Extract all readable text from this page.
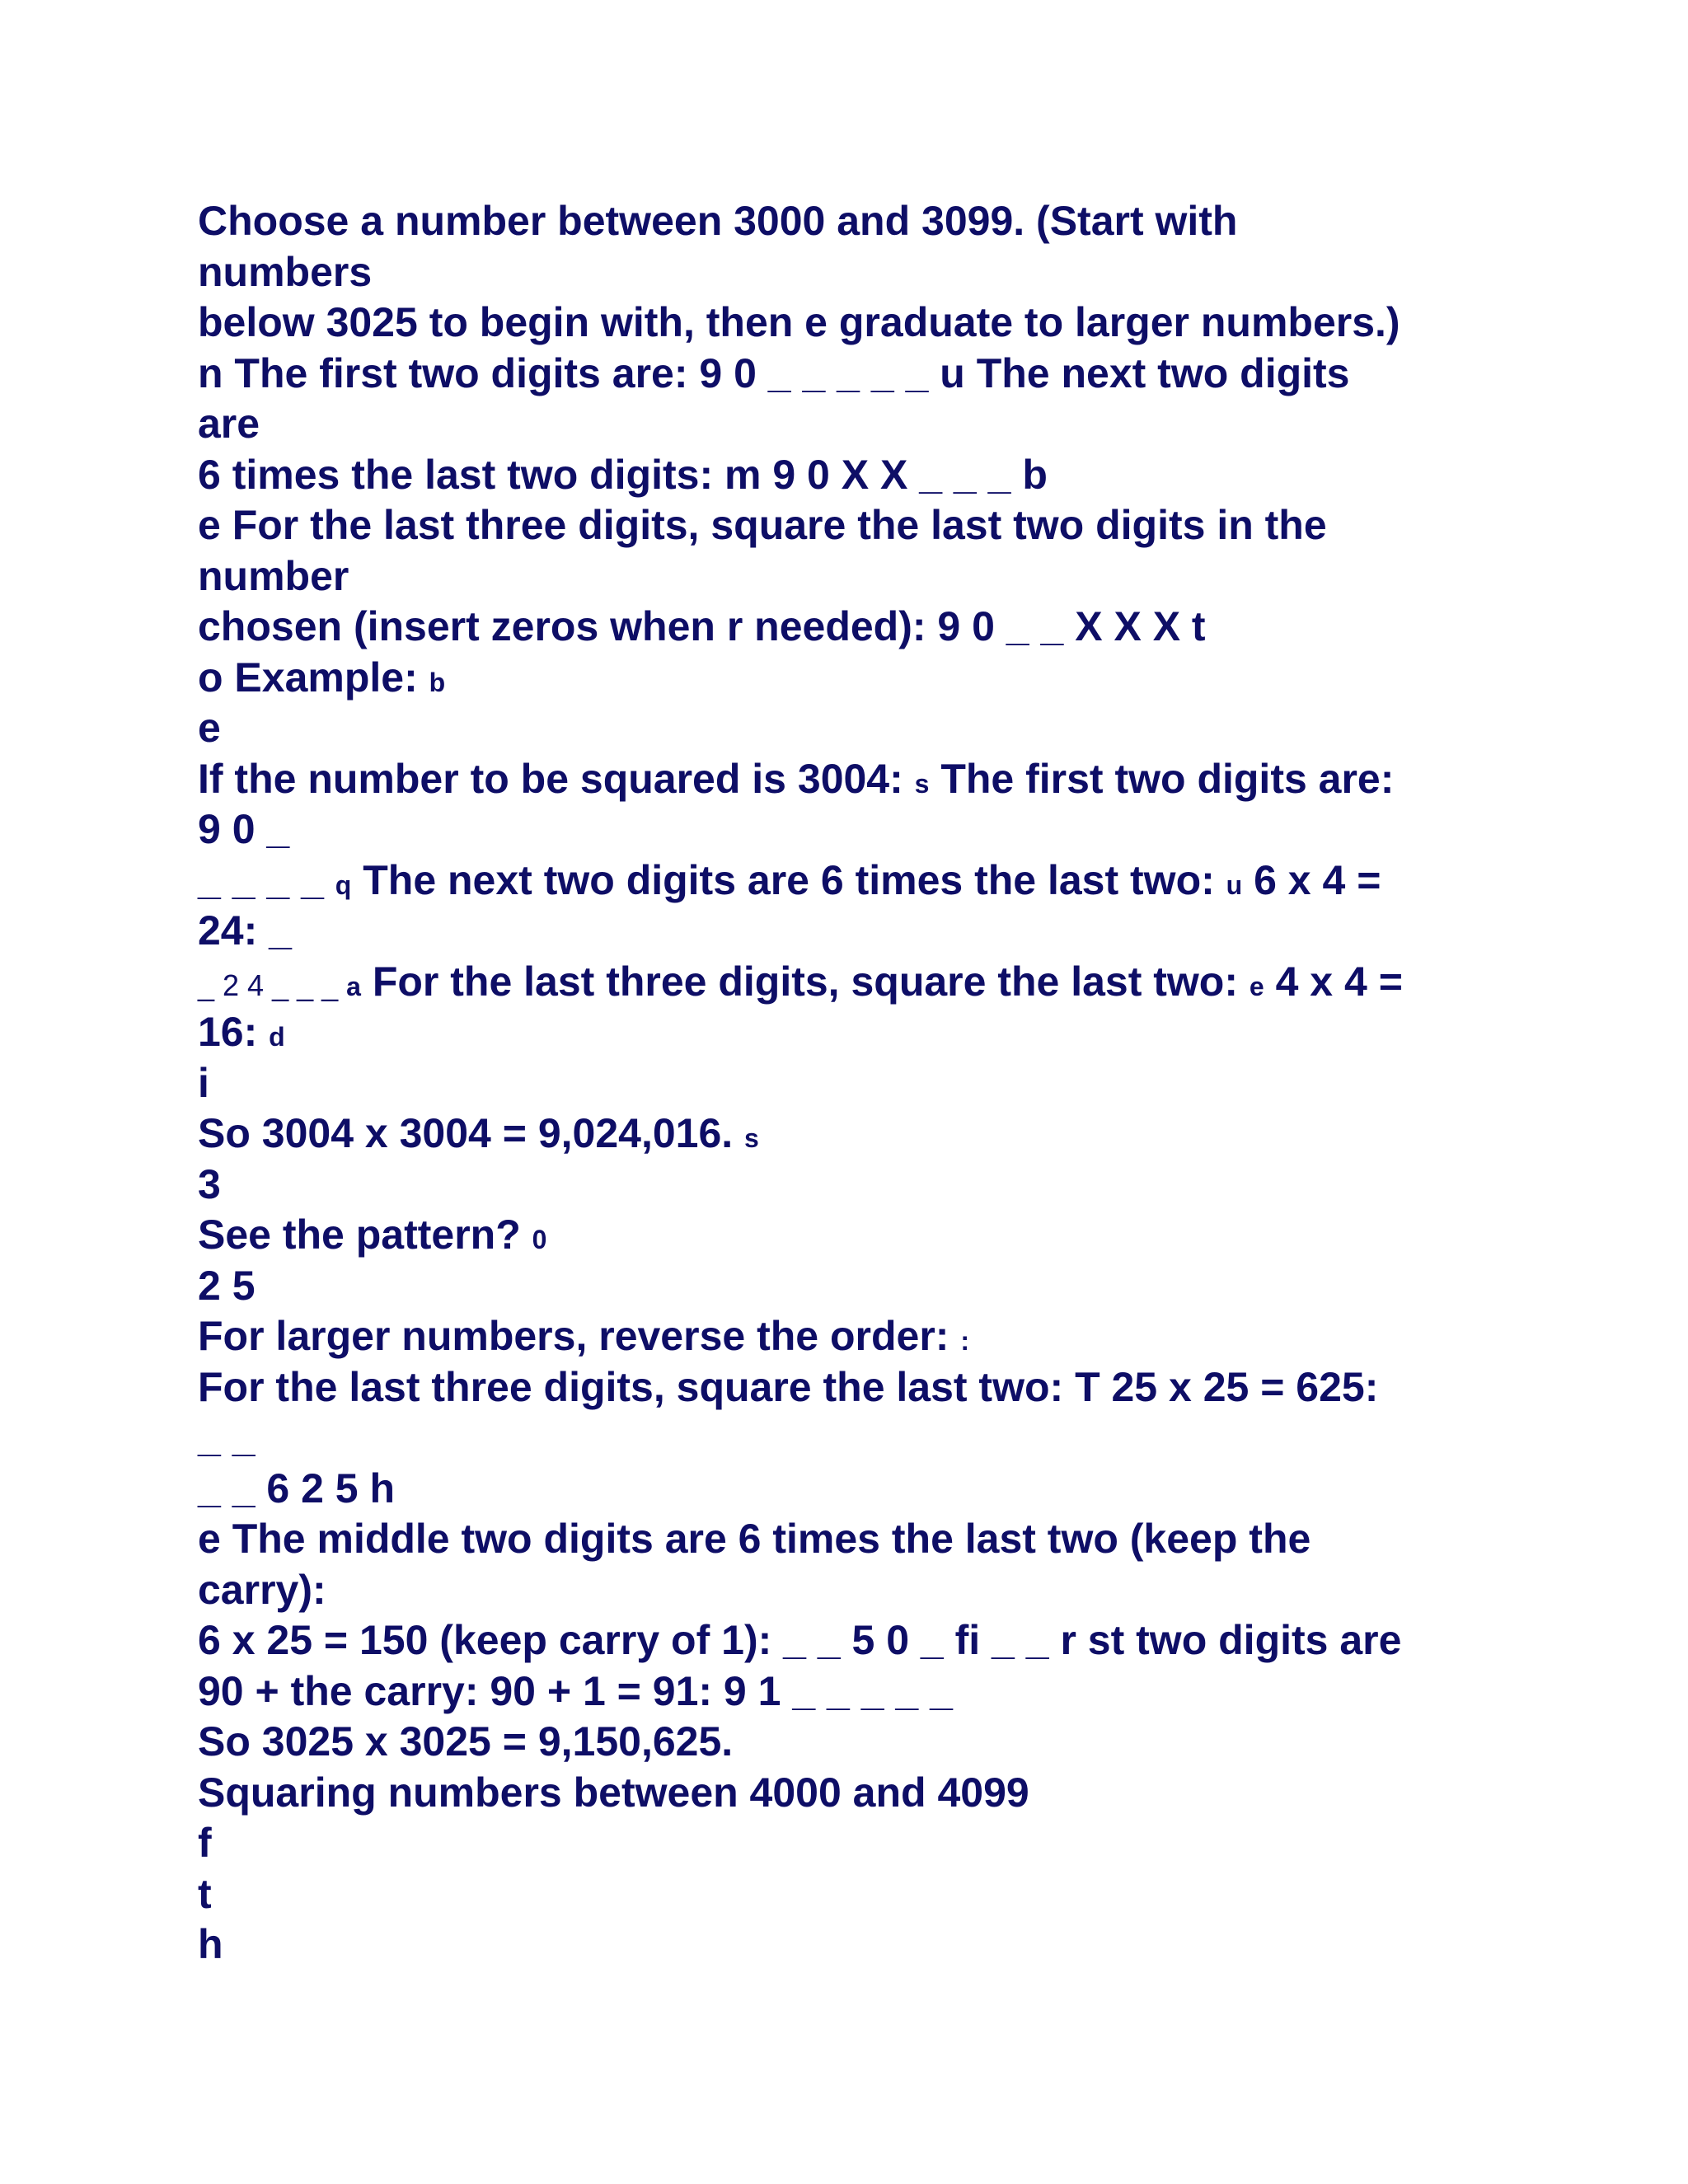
Choose a number between 3000 and 3099. (Start with
numbers
below 3025 to begin with, then e graduate to larger numbers.)
n The first two digits are: 9 0 _ _ _ _ _ u The next two digits
are
6 times the last two digits: m 9 0 X X _ _ _ b
e For the last three digits, square the last two digits in the
number
chosen (insert zeros when r needed): 9 0 _ _ X X X t
o Example: b
e
If the number to be squared is 3004: s The first two digits are:
9 0 _
_ _ _ _ q The next two digits are 6 times the last two: u 6 x 4 =
24: _
_ 2 4 _ _ _ a For the last three digits, square the last two: e 4 x 4 =
16: d
i
So 3004 x 3004 = 9,024,016. s
3
See the pattern? 0
2 5
For larger numbers, reverse the order: :
For the last three digits, square the last two: T 25 x 25 = 625:
_ _
_ _ 6 2 5 h
e The middle two digits are 6 times the last two (keep the
carry):
6 x 25 = 150 (keep carry of 1): _ _ 5 0 _ fi _ _ r st two digits are
90 + the carry: 90 + 1 = 91: 9 1 _ _ _ _ _
So 3025 x 3025 = 9,150,625.
Squaring numbers between 4000 and 4099
f
t
h
